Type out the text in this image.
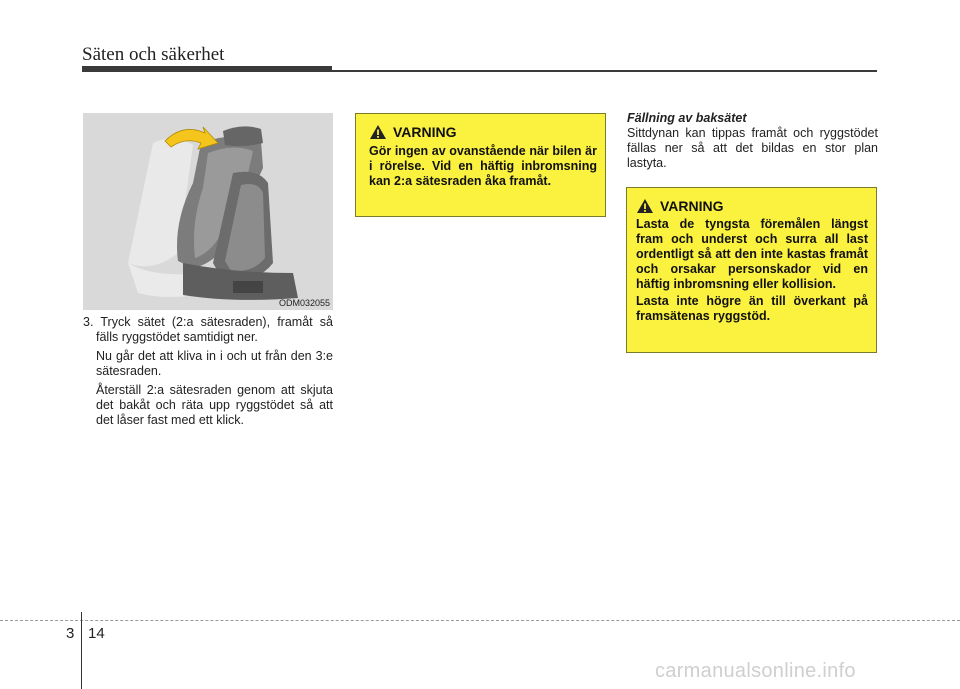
Säten och säkerhet
ODM032055

3. Tryck sätet (2:a sätesraden), framåt så fälls ryggstödet samtidigt ner.

Nu går det att kliva in i och ut från den 3:e sätesraden.

Återställ 2:a sätesraden genom att skjuta det bakåt och räta upp ryggstödet så att det låser fast med ett klick.

VARNING

Gör ingen av ovanstående när bilen är i rörelse. Vid en häftig inbromsning kan 2:a sätesraden åka framåt.

Fällning av baksätet

Sittdynan kan tippas framåt och ryggstödet fällas ner så att det bildas en stor plan lastyta.

VARNING

Lasta de tyngsta föremålen längst fram och underst och surra all last ordentligt så att den inte kastas framåt och orsakar personskador vid en häftig inbromsning eller kollision.

Lasta inte högre än till överkant på framsätenas ryggstöd.

3 14
carmanualsonline.info
